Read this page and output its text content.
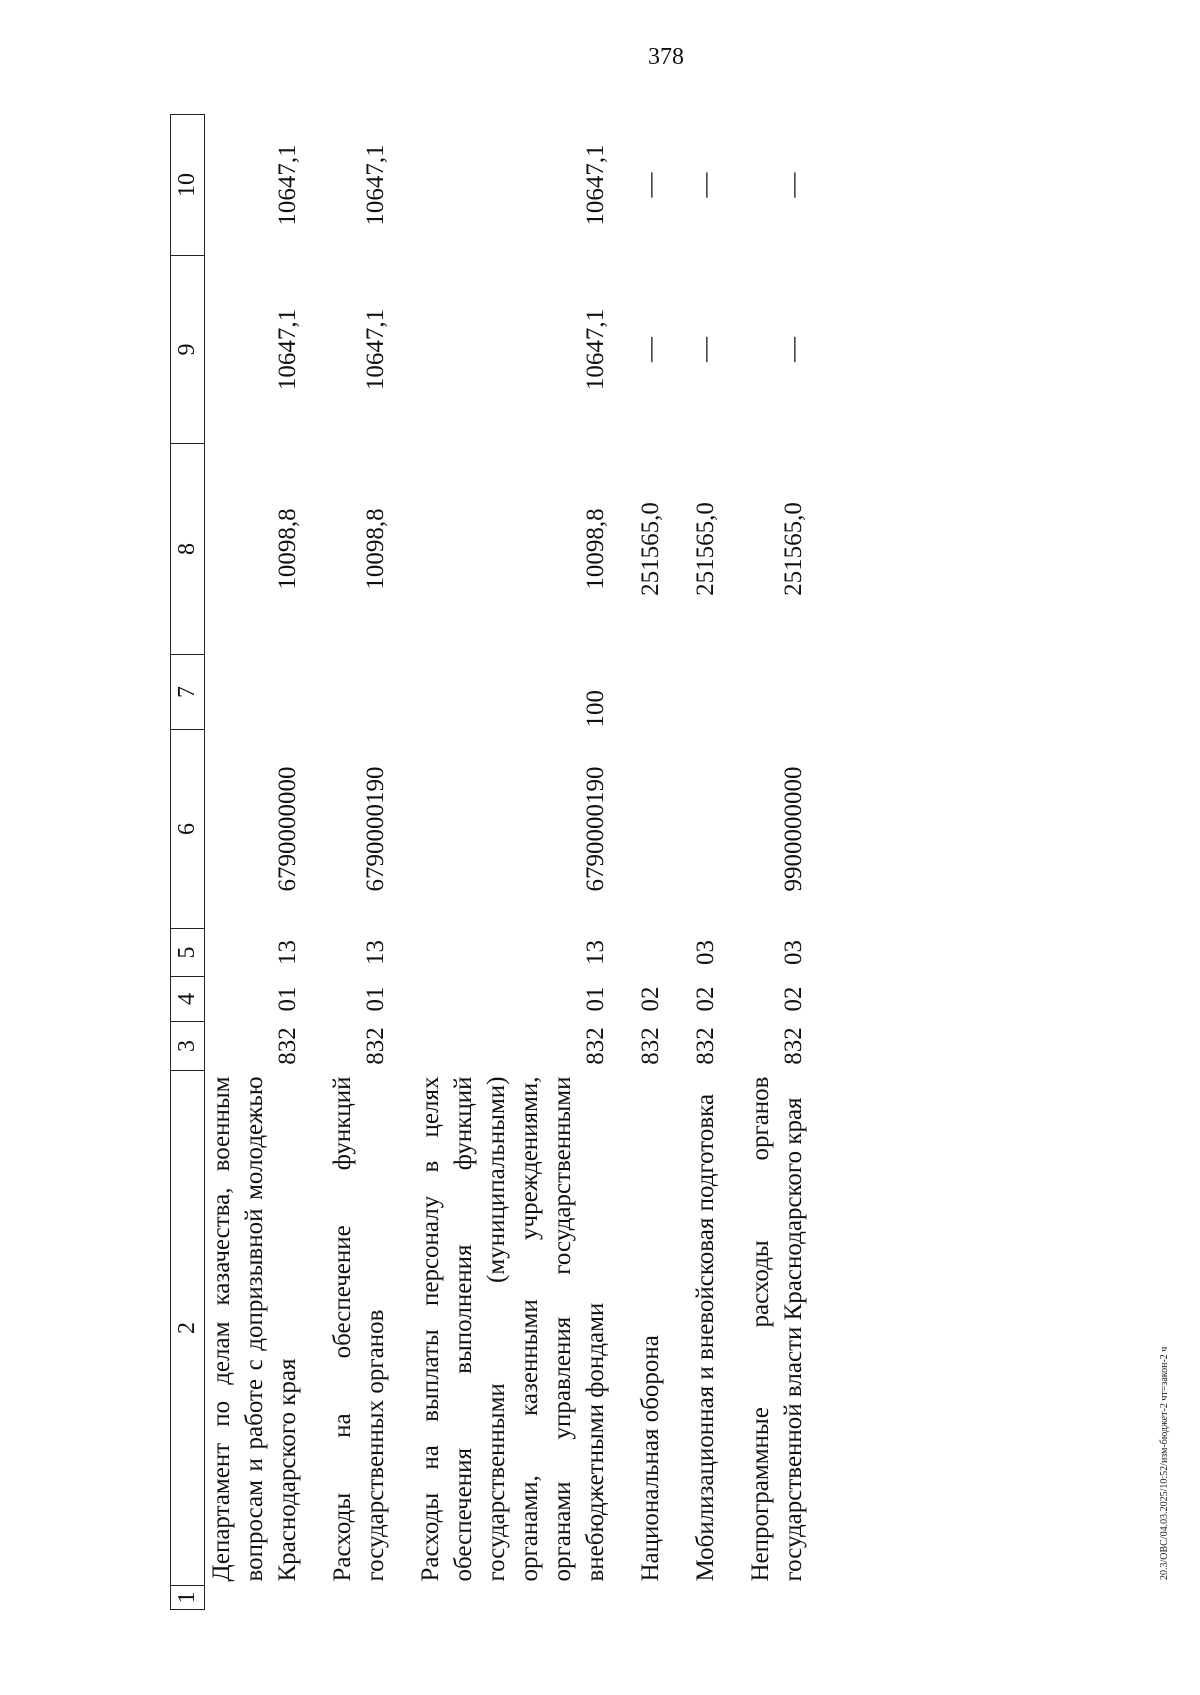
378
20.3/ОВС/04.03.2025/10:52/изм-бюджет-2 чт=закон-2 ч
1	2	3	4	5	6	7	8	9	10
	Департамент по делам казачества, военным вопросам и работе с допризывной молодежью Краснодарского края	832	01	13	6790000000		10098,8	10647,1	10647,1
	Расходы на обеспечение функций государственных органов	832	01	13	6790000190		10098,8	10647,1	10647,1
	Расходы на выплаты персоналу в целях обеспечения выполнения функций государственными (муниципальными) органами, казенными учреждениями, органами управления государственными внебюджетными фондами	832	01	13	6790000190	100	10098,8	10647,1	10647,1
	Национальная оборона	832	02				251565,0	—	—
	Мобилизационная и вневойсковая подготовка	832	02	03			251565,0	—	—
	Непрограммные расходы органов государственной власти Краснодарского края	832	02	03	9900000000		251565,0	—	—
